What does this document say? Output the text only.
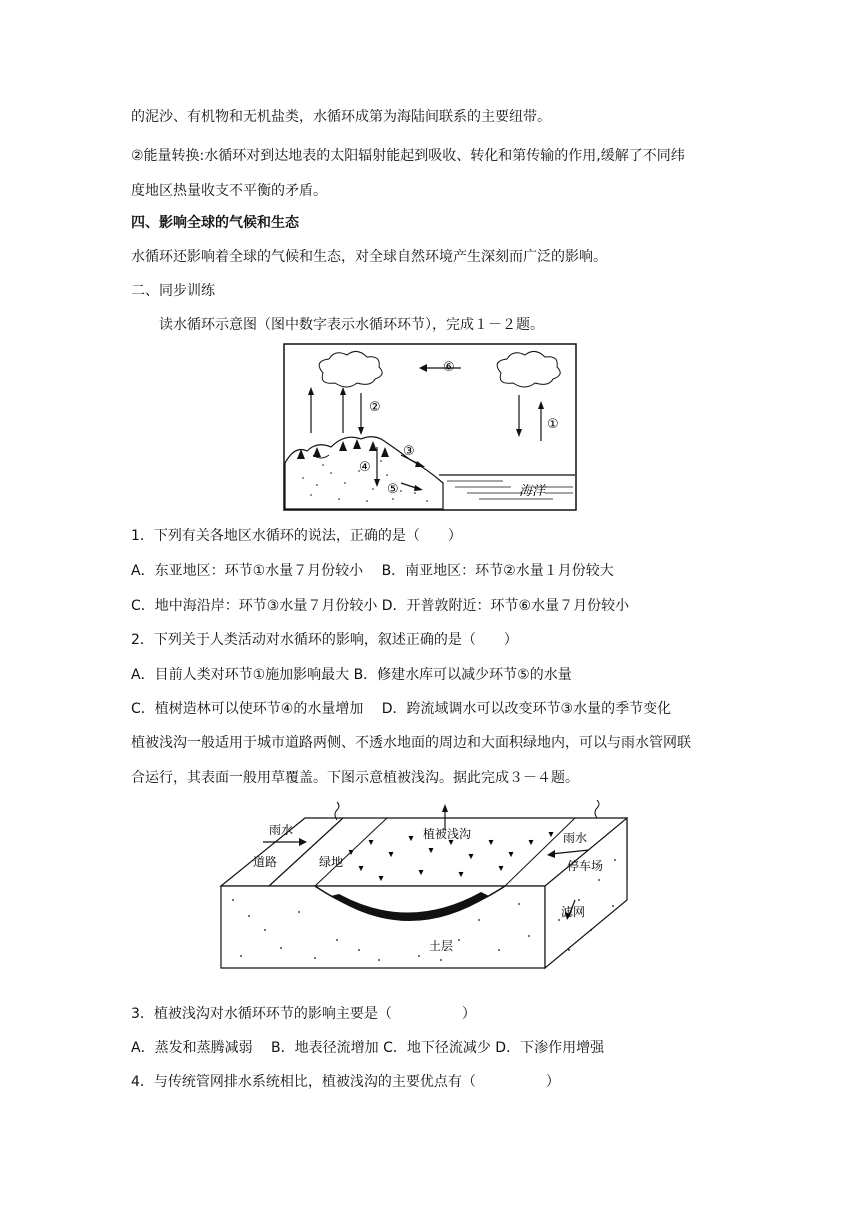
的泥沙、有机物和无机盐类，水循环成第为海陆间联系的主要纽带。
②能量转换:水循环对到达地表的太阳辐射能起到吸收、转化和第传输的作用,缓解了不同纬
度地区热量收支不平衡的矛盾。
四、影响全球的气候和生态
水循环还影响着全球的气候和生态，对全球自然环境产生深刻而广泛的影响。
二、同步训练
读水循环示意图（图中数字表示水循环环节），完成１－２题。
⑥
②
①
③
④
⑤	海洋
1．下列有关各地区水循环的说法，正确的是（　　）
A．东亚地区：环节①水量７月份较小　 B．南亚地区：环节②水量１月份较大
C．地中海沿岸：环节③水量７月份较小 D．开普敦附近：环节⑥水量７月份较小
2．下列关于人类活动对水循环的影响，叙述正确的是（　　）
A．目前人类对环节①施加影响最大 B．修建水库可以减少环节⑤的水量
C．植树造林可以使环节④的水量增加　 D．跨流域调水可以改变环节③水量的季节变化
植被浅沟一般适用于城市道路两侧、不透水地面的周边和大面积绿地内，可以与雨水管网联
合运行，其表面一般用草覆盖。下图示意植被浅沟。据此完成３－４题。
雨水
道路	绿地
植被浅沟	雨水
停车场
滤网
土层
3．植被浅沟对水循环环节的影响主要是（　　　　　）
A．蒸发和蒸腾减弱　 B．地表径流增加 C．地下径流减少 D．下渗作用增强
4．与传统管网排水系统相比，植被浅沟的主要优点有（　　　　　）
